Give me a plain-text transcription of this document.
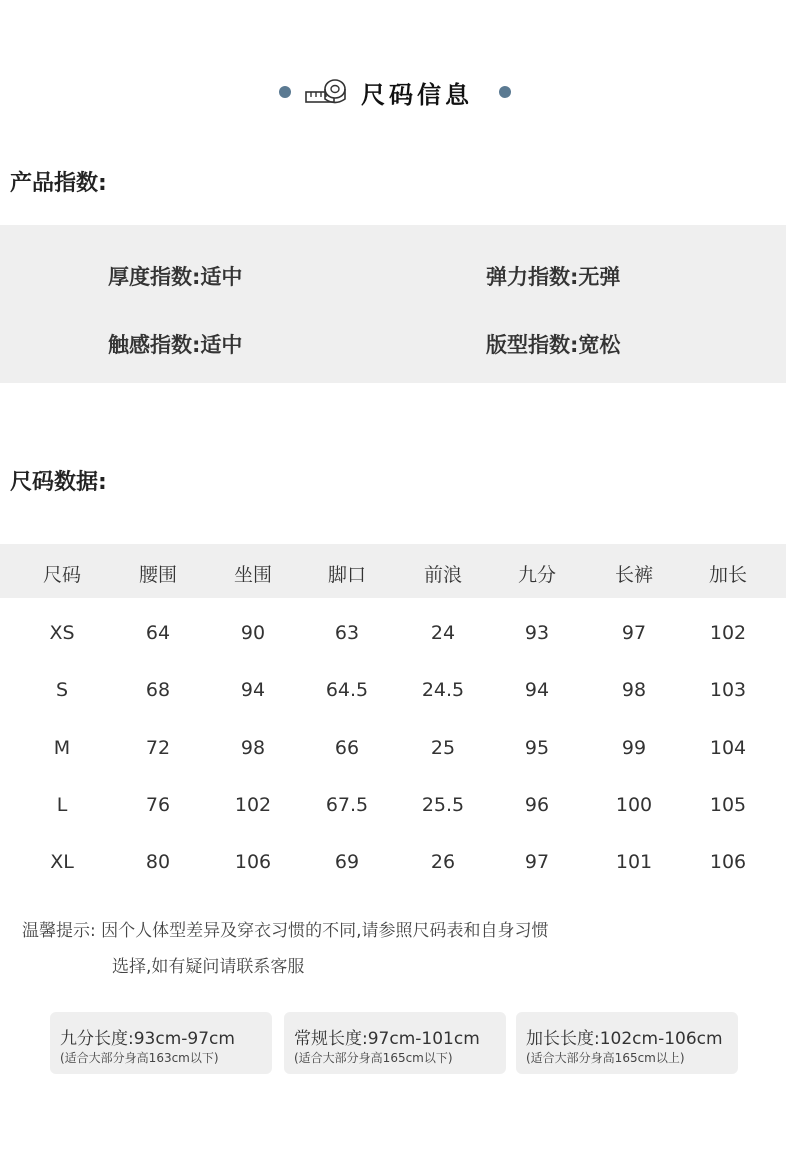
尺码信息
产品指数:
厚度指数:适中	弹力指数:无弹
触感指数:适中	版型指数:宽松
尺码数据:
尺码	腰围	坐围	脚口	前浪	九分	长裤	加长
XS	64	90	63	24	93	97	102
S	68	94	64.5	24.5	94	98	103
M	72	98	66	25	95	99	104
L	76	102	67.5	25.5	96	100	105
XL	80	106	69	26	97	101	106
温馨提示: 因个人体型差异及穿衣习惯的不同,请参照尺码表和自身习惯
选择,如有疑问请联系客服
九分长度:93cm-97cm
(适合大部分身高163cm以下)
常规长度:97cm-101cm
(适合大部分身高165cm以下)
加长长度:102cm-106cm
(适合大部分身高165cm以上)
